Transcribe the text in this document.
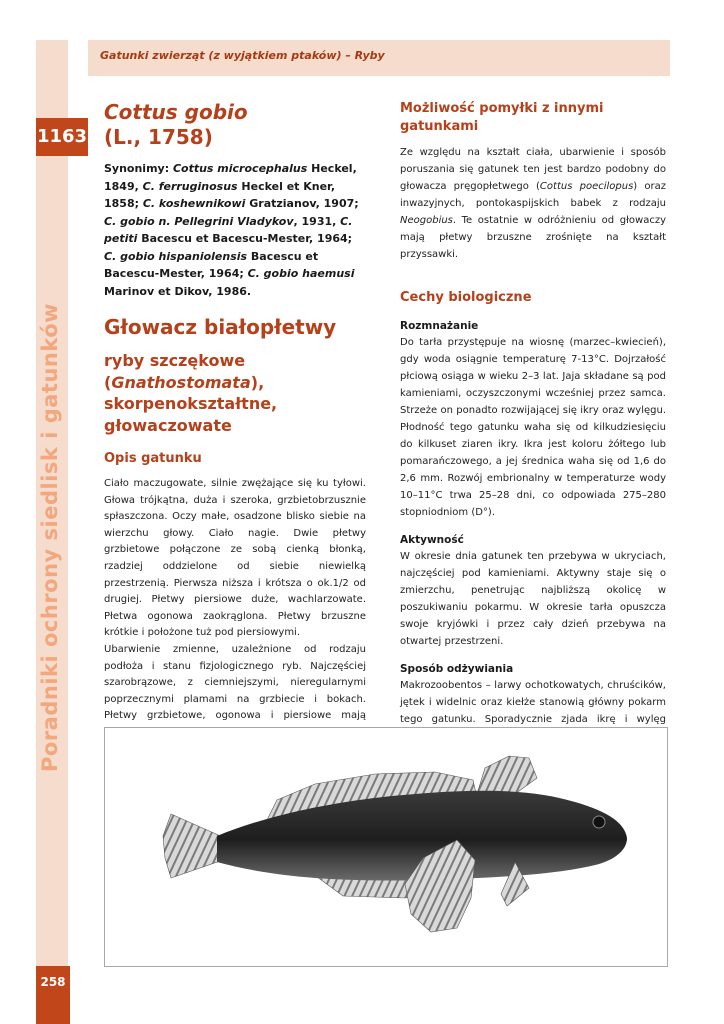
Gatunki zwierząt (z wyjątkiem ptaków) – Ryby
1163
Poradniki ochrony siedlisk i gatunków
258
Cottus gobio
(L., 1758)

Synonimy: Cottus microcephalus Heckel, 1849, C. ferruginosus Heckel et Kner, 1858; C. koshewnikowi Gratzianov, 1907; C. gobio n. Pellegrini Vladykov, 1931, C. petiti Bacescu et Bacescu-Mester, 1964; C. gobio hispaniolensis Bacescu et Bacescu-Mester, 1964; C. gobio haemusi Marinov et Dikov, 1986.

Głowacz białopłetwy
ryby szczękowe
(Gnathostomata),
skorpenokształtne,
głowaczowate
Opis gatunku

Ciało maczugowate, silnie zwężające się ku tyłowi. Głowa trójkątna, duża i szeroka, grzbietobrzusznie spłaszczona. Oczy małe, osadzone blisko siebie na wierzchu głowy. Ciało nagie. Dwie płetwy grzbietowe połączone ze sobą cienką błonką, rzadziej oddzielone od siebie niewielką przestrzenią. Pierwsza niższa i krótsza o ok.1/2 od drugiej. Płetwy piersiowe duże, wachlarzowate. Płetwa ogonowa zaokrąglona. Płetwy brzuszne krótkie i położone tuż pod piersiowymi.

Ubarwienie zmienne, uzależnione od rodzaju podłoża i stanu fizjologicznego ryb. Najczęściej szarobrązowe, z ciemniejszymi, nieregularnymi poprzecznymi plamami na grzbiecie i bokach. Płetwy grzbietowe, ogonowa i piersiowe mają

Możliwość pomyłki z innymi gatunkami

Ze względu na kształt ciała, ubarwienie i sposób poruszania się gatunek ten jest bardzo podobny do głowacza pręgopłetwego (Cottus poecilopus) oraz inwazyjnych, pontokaspijskich babek z rodzaju Neogobius. Te ostatnie w odróżnieniu od głowaczy mają płetwy brzuszne zrośnięte na kształt przyssawki.

Cechy biologiczne
Rozmnażanie

Do tarła przystępuje na wiosnę (marzec–kwiecień), gdy woda osiągnie temperaturę 7-13°C. Dojrzałość płciową osiąga w wieku 2–3 lat. Jaja składane są pod kamieniami, oczyszczonymi wcześniej przez samca. Strzeże on ponadto rozwijającej się ikry oraz wylęgu. Płodność tego gatunku waha się od kilkudziesięciu do kilkuset ziaren ikry. Ikra jest koloru żółtego lub pomarańczowego, a jej średnica waha się od 1,6 do 2,6 mm. Rozwój embrionalny w temperaturze wody 10–11°C trwa 25–28 dni, co odpowiada 275–280 stopniodniom (D°).

Aktywność

W okresie dnia gatunek ten przebywa w ukryciach, najczęściej pod kamieniami. Aktywny staje się o zmierzchu, penetrując najbliższą okolicę w poszukiwaniu pokarmu. W okresie tarła opuszcza swoje kryjówki i przez cały dzień przebywa na otwartej przestrzeni.

Sposób odżywiania

Makrozoobentos – larwy ochotkowatych, chruścików, jętek i widelnic oraz kiełże stanowią główny pokarm tego gatunku. Sporadycznie zjada ikrę i wylęg
